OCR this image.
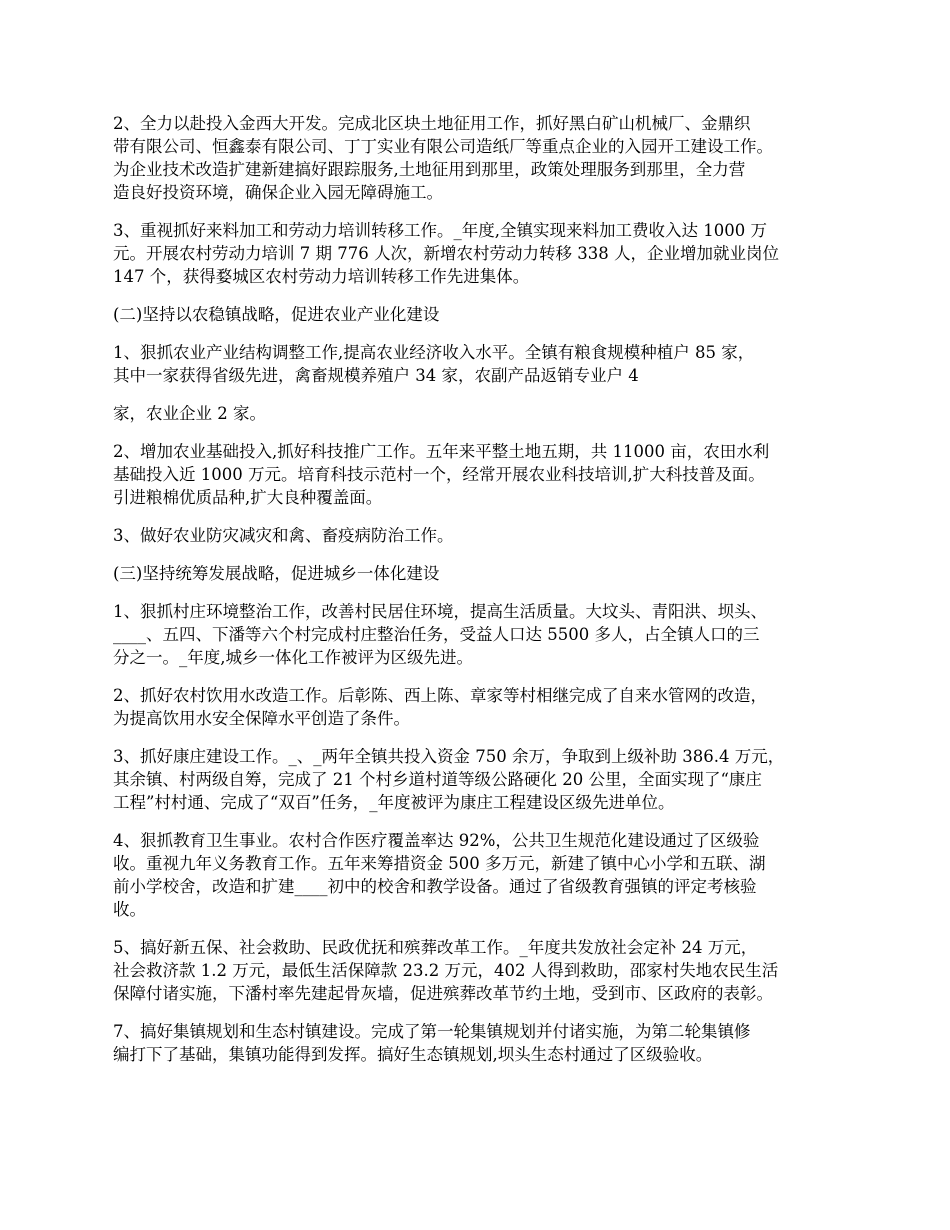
2、全力以赴投入金西大开发。完成北区块土地征用工作，抓好黑白矿山机械厂、金鼎织
带有限公司、恒鑫泰有限公司、丁丁实业有限公司造纸厂等重点企业的入园开工建设工作。
为企业技术改造扩建新建搞好跟踪服务,土地征用到那里，政策处理服务到那里，全力营
造良好投资环境，确保企业入园无障碍施工。

3、重视抓好来料加工和劳动力培训转移工作。_年度,全镇实现来料加工费收入达 1000 万
元。开展农村劳动力培训 7 期 776 人次，新增农村劳动力转移 338 人，企业增加就业岗位
147 个，获得婺城区农村劳动力培训转移工作先进集体。

(二)坚持以农稳镇战略，促进农业产业化建设

1、狠抓农业产业结构调整工作,提高农业经济收入水平。全镇有粮食规模种植户 85 家，
其中一家获得省级先进，禽畜规模养殖户 34 家，农副产品返销专业户 4

家，农业企业 2 家。

2、增加农业基础投入,抓好科技推广工作。五年来平整土地五期，共 11000 亩，农田水利
基础投入近 1000 万元。培育科技示范村一个，经常开展农业科技培训,扩大科技普及面。
引进粮棉优质品种,扩大良种覆盖面。

3、做好农业防灾减灾和禽、畜疫病防治工作。

(三)坚持统筹发展战略，促进城乡一体化建设

1、狠抓村庄环境整治工作，改善村民居住环境，提高生活质量。大坟头、青阳洪、坝头、
____、五四、下潘等六个村完成村庄整治任务，受益人口达 5500 多人，占全镇人口的三
分之一。_年度,城乡一体化工作被评为区级先进。

2、抓好农村饮用水改造工作。后彰陈、西上陈、章家等村相继完成了自来水管网的改造，
为提高饮用水安全保障水平创造了条件。

3、抓好康庄建设工作。_、_两年全镇共投入资金 750 余万，争取到上级补助 386.4 万元，
其余镇、村两级自筹，完成了 21 个村乡道村道等级公路硬化 20 公里，全面实现了“康庄
工程”村村通、完成了“双百”任务，_年度被评为康庄工程建设区级先进单位。

4、狠抓教育卫生事业。农村合作医疗覆盖率达 92%，公共卫生规范化建设通过了区级验
收。重视九年义务教育工作。五年来筹措资金 500 多万元，新建了镇中心小学和五联、湖
前小学校舍，改造和扩建____初中的校舍和教学设备。通过了省级教育强镇的评定考核验
收。

5、搞好新五保、社会救助、民政优抚和殡葬改革工作。_年度共发放社会定补 24 万元，
社会救济款 1.2 万元，最低生活保障款 23.2 万元，402 人得到救助，邵家村失地农民生活
保障付诸实施，下潘村率先建起骨灰墙，促进殡葬改革节约土地，受到市、区政府的表彰。

7、搞好集镇规划和生态村镇建设。完成了第一轮集镇规划并付诸实施，为第二轮集镇修
编打下了基础，集镇功能得到发挥。搞好生态镇规划,坝头生态村通过了区级验收。
